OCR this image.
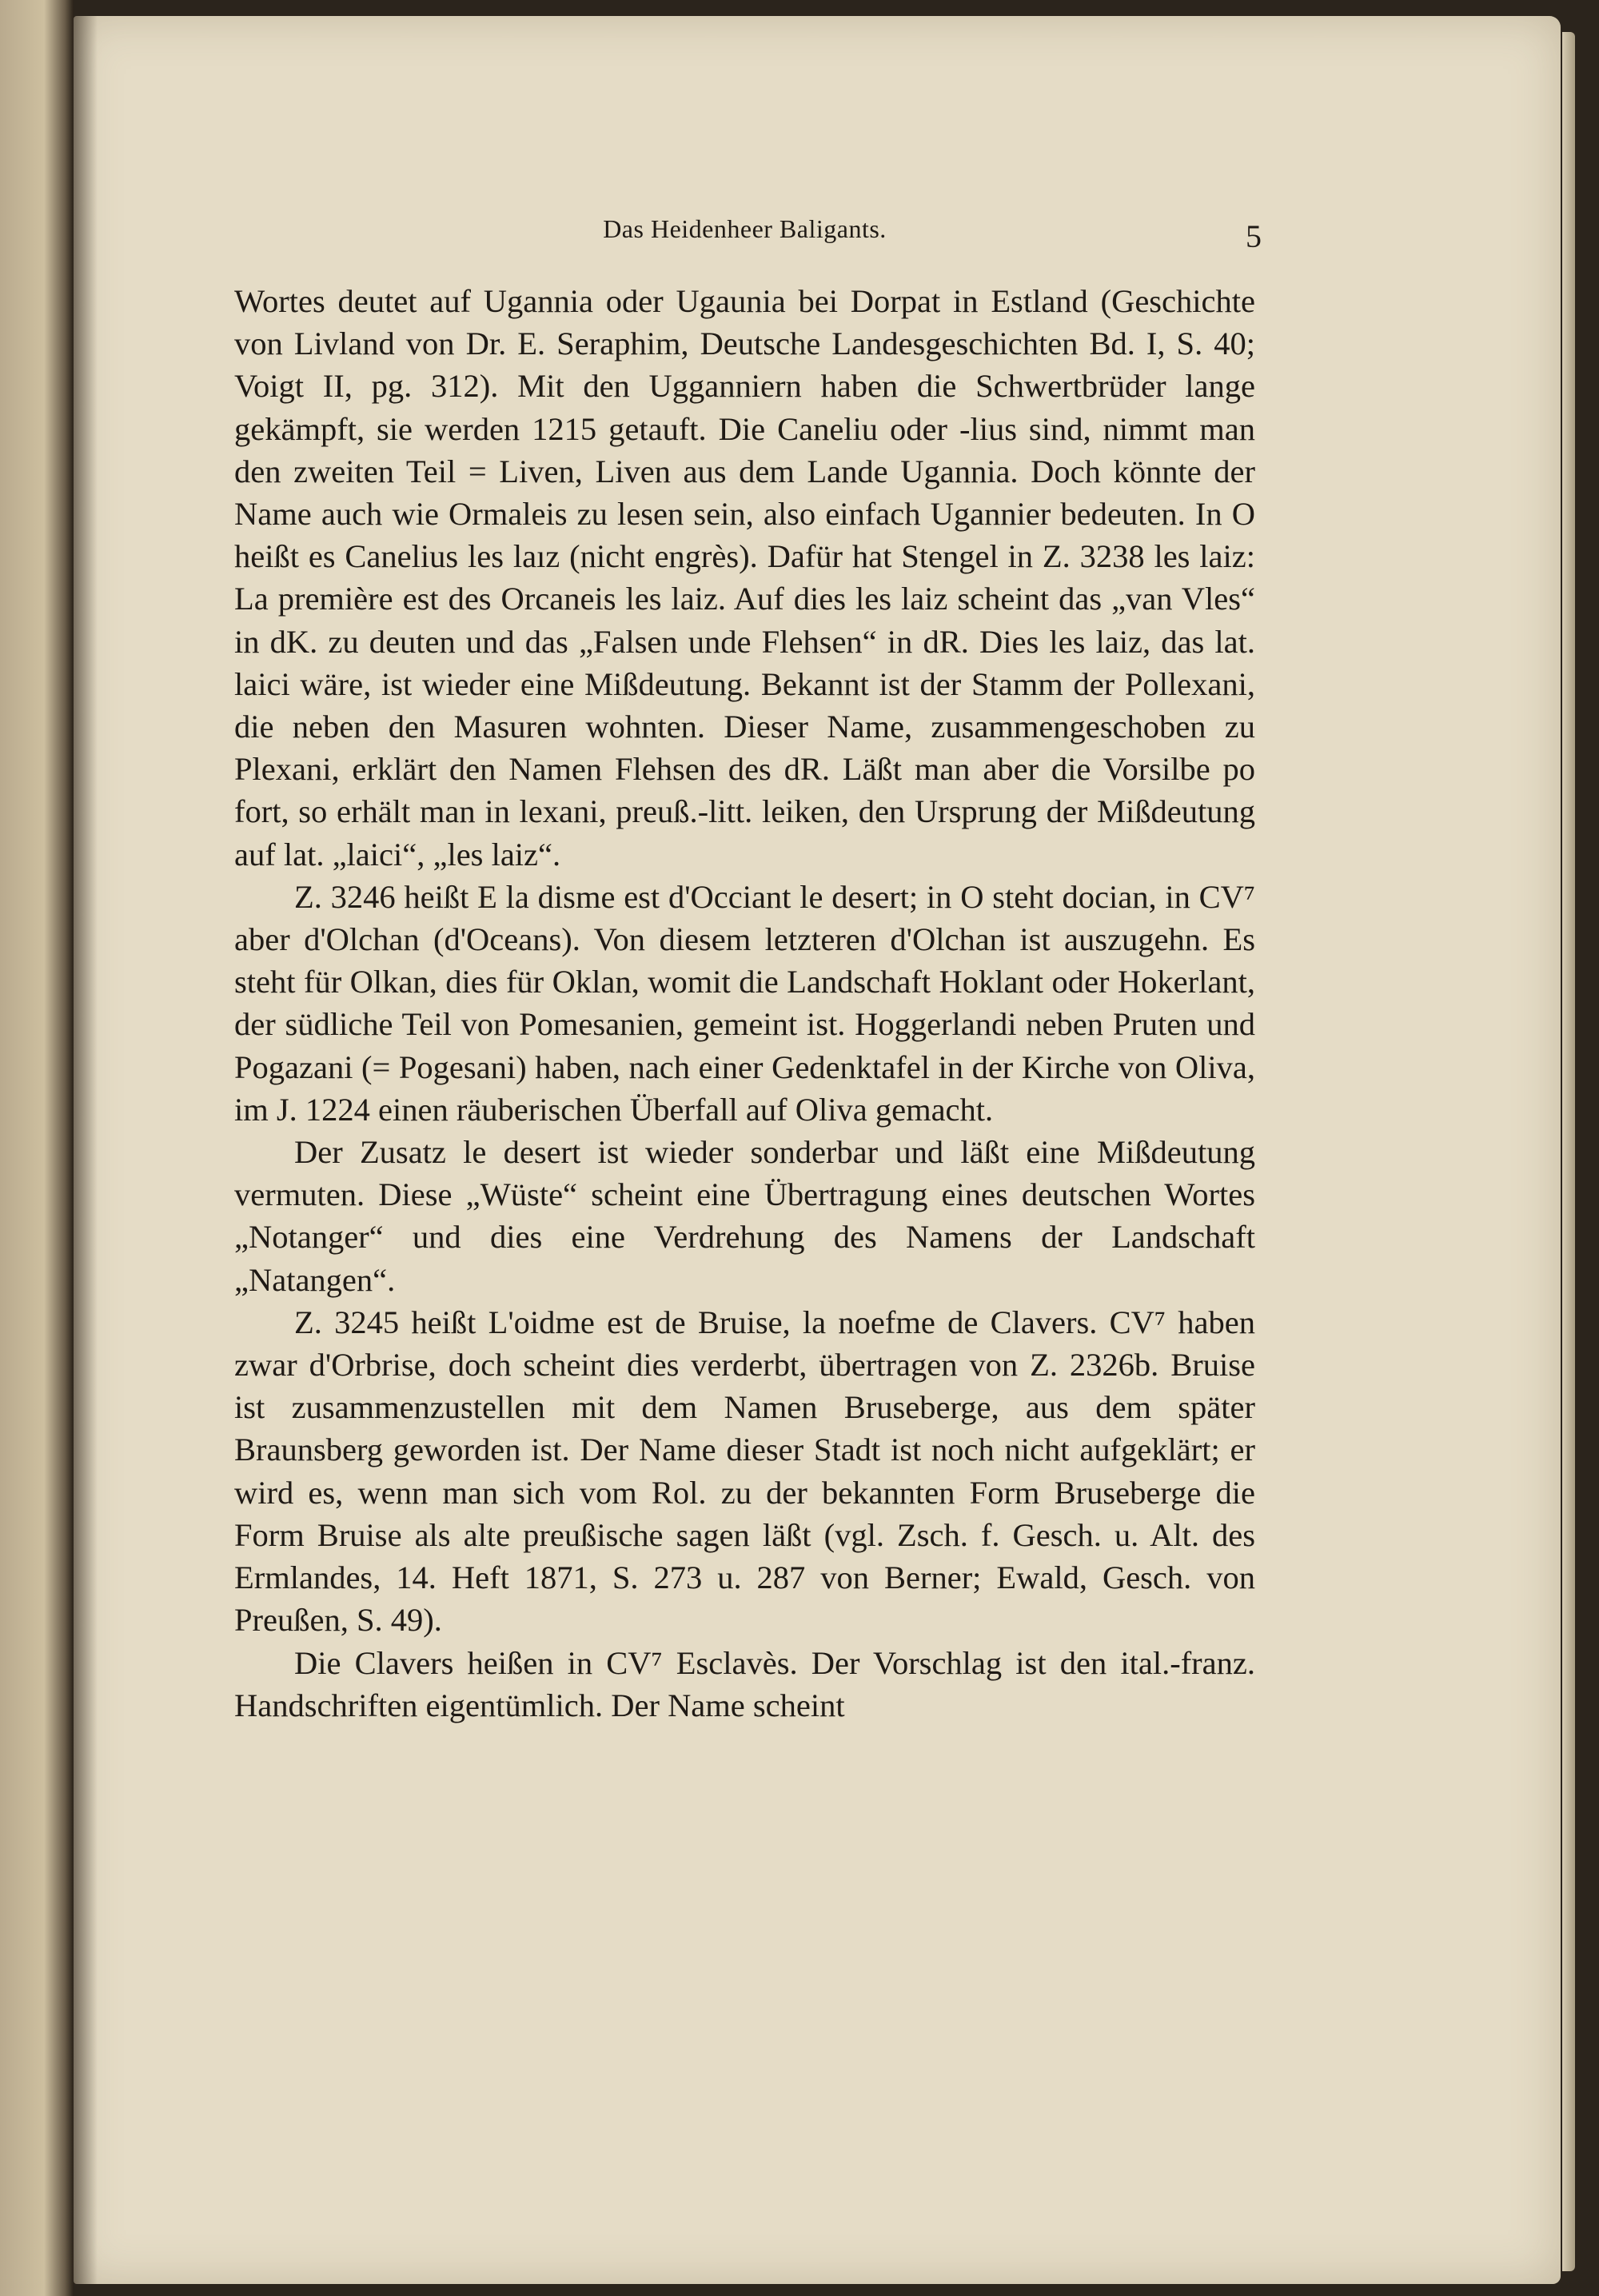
Das Heidenheer Baligants.	5

Wortes deutet auf Ugannia oder Ugaunia bei Dorpat in Estland (Geschichte von Livland von Dr. E. Seraphim, Deutsche Landesgeschichten Bd. I, S. 40; Voigt II, pg. 312). Mit den Ugganniern haben die Schwertbrüder lange gekämpft, sie werden 1215 getauft. Die Caneliu oder -lius sind, nimmt man den zweiten Teil = Liven, Liven aus dem Lande Ugannia. Doch könnte der Name auch wie Ormaleis zu lesen sein, also einfach Ugannier bedeuten. In O heißt es Canelius les laız (nicht engrès). Dafür hat Stengel in Z. 3238 les laiz: La première est des Orcaneis les laiz. Auf dies les laiz scheint das „van Vles“ in dK. zu deuten und das „Falsen unde Flehsen“ in dR. Dies les laiz, das lat. laici wäre, ist wieder eine Mißdeutung. Bekannt ist der Stamm der Pollexani, die neben den Masuren wohnten. Dieser Name, zusammengeschoben zu Plexani, erklärt den Namen Flehsen des dR. Läßt man aber die Vorsilbe po fort, so erhält man in lexani, preuß.-litt. leiken, den Ursprung der Mißdeutung auf lat. „laici“, „les laiz“.

Z. 3246 heißt E la disme est d'Occiant le desert; in O steht docian, in CV⁷ aber d'Olchan (d'Oceans). Von diesem letzteren d'Olchan ist auszugehn. Es steht für Olkan, dies für Oklan, womit die Landschaft Hoklant oder Hokerlant, der südliche Teil von Pomesanien, gemeint ist. Hoggerlandi neben Pruten und Pogazani (= Pogesani) haben, nach einer Gedenktafel in der Kirche von Oliva, im J. 1224 einen räuberischen Überfall auf Oliva gemacht.

Der Zusatz le desert ist wieder sonderbar und läßt eine Mißdeutung vermuten. Diese „Wüste“ scheint eine Übertragung eines deutschen Wortes „Notanger“ und dies eine Verdrehung des Namens der Landschaft „Natangen“.

Z. 3245 heißt L'oidme est de Bruise, la noefme de Clavers. CV⁷ haben zwar d'Orbrise, doch scheint dies verderbt, übertragen von Z. 2326b. Bruise ist zusammenzustellen mit dem Namen Bruseberge, aus dem später Braunsberg geworden ist. Der Name dieser Stadt ist noch nicht aufgeklärt; er wird es, wenn man sich vom Rol. zu der bekannten Form Bruseberge die Form Bruise als alte preußische sagen läßt (vgl. Zsch. f. Gesch. u. Alt. des Ermlandes, 14. Heft 1871, S. 273 u. 287 von Berner; Ewald, Gesch. von Preußen, S. 49).

Die Clavers heißen in CV⁷ Esclavès. Der Vorschlag ist den ital.-franz. Handschriften eigentümlich. Der Name scheint
